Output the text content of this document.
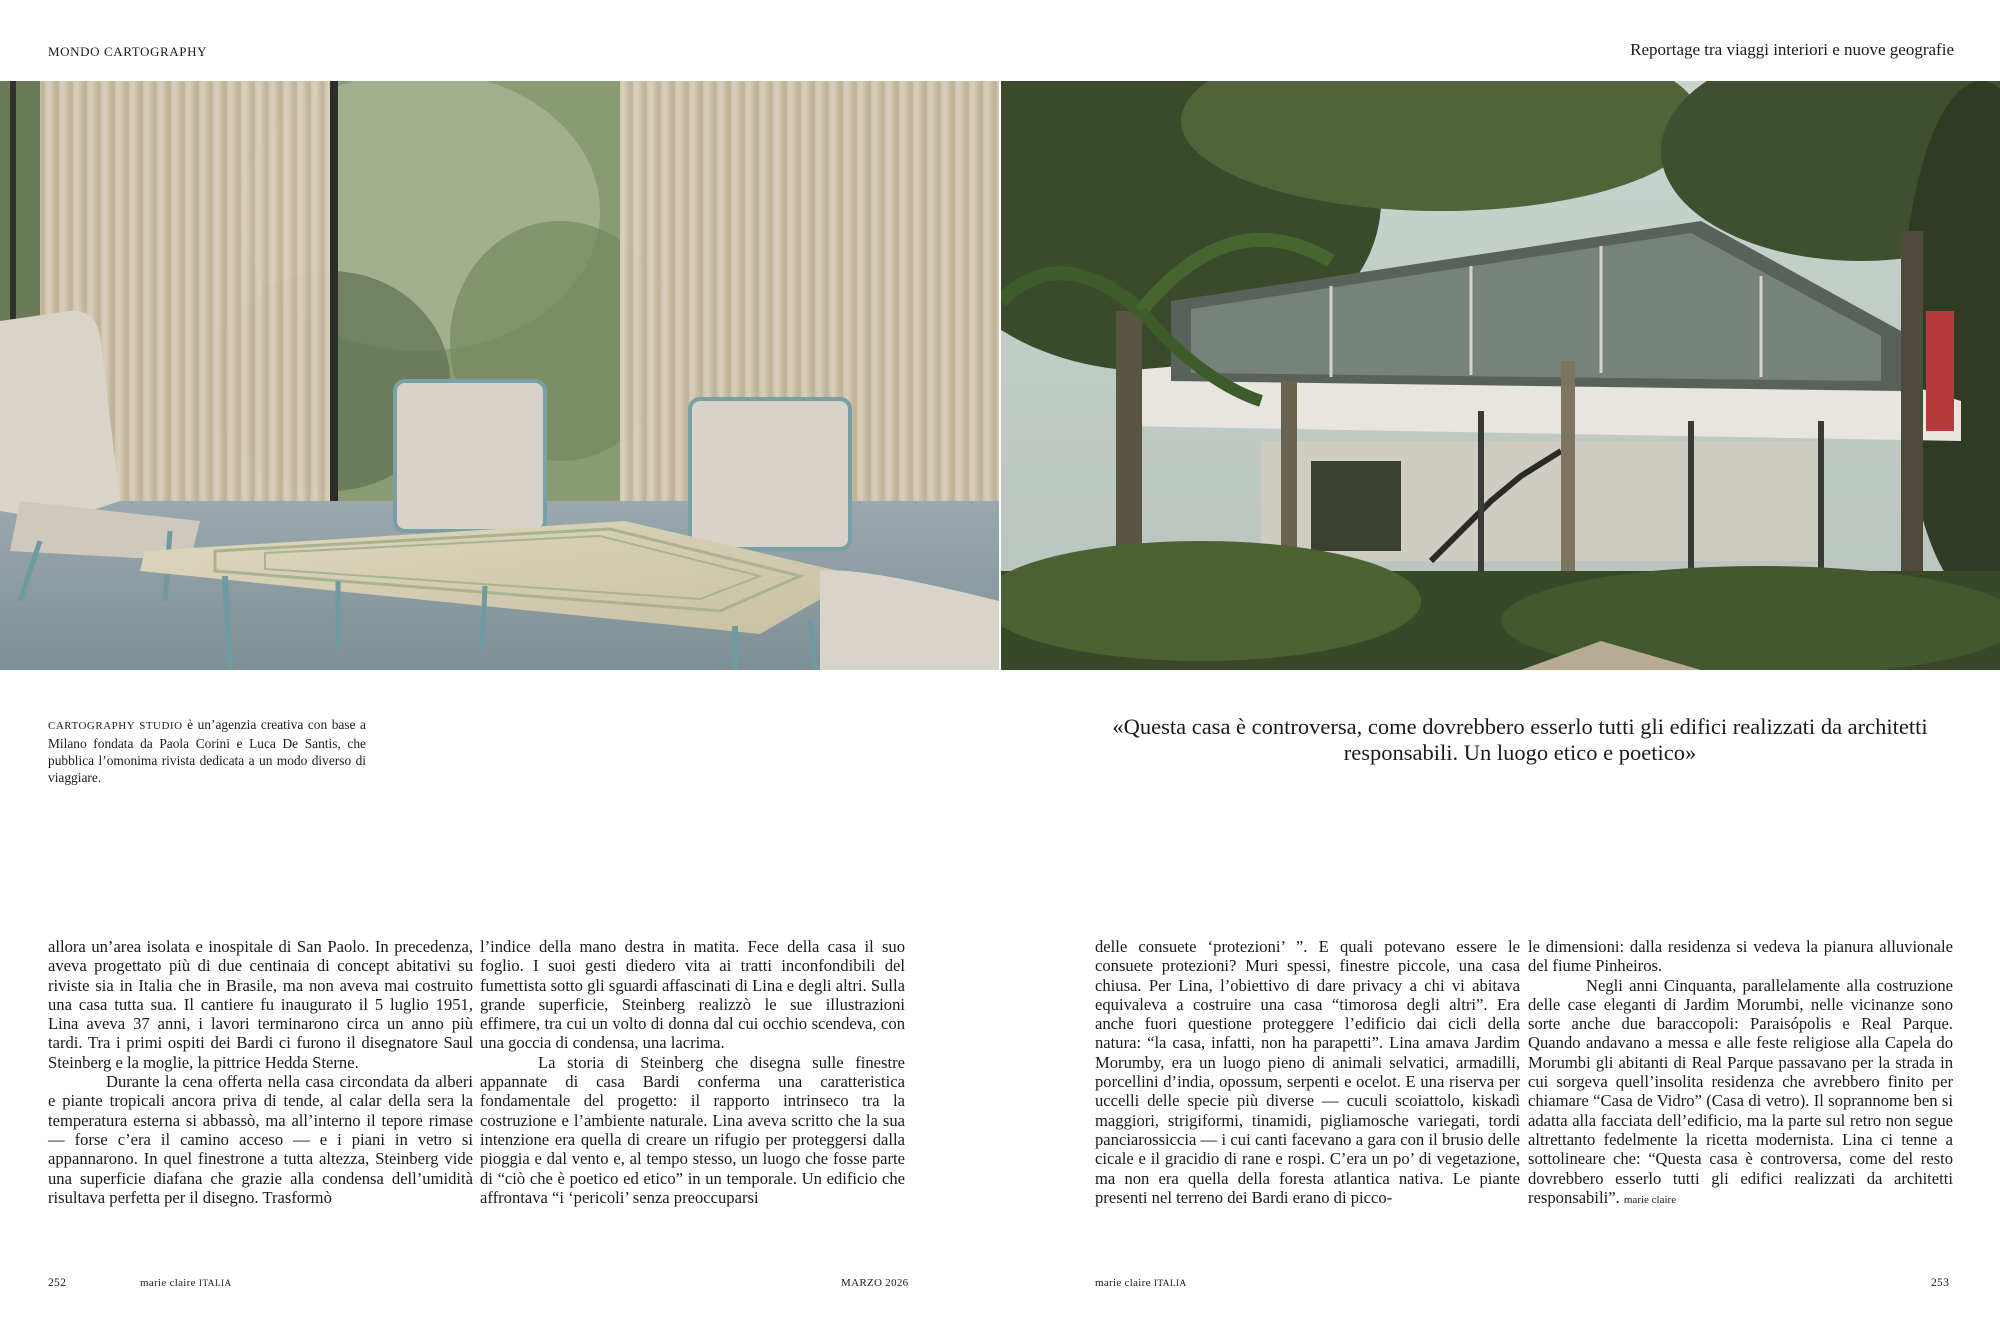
MONDO CARTOGRAPHY	Reportage tra viaggi interiori e nuove geografie
CARTOGRAPHY STUDIO è un’agenzia creativa con base a Milano fondata da Paola Corini e Luca De Santis, che pubblica l’omonima rivista dedicata a un modo diverso di viaggiare.
«Questa casa è controversa, come dovrebbero esserlo tutti gli edifici realizzati da architetti responsabili. Un luogo etico e poetico»

allora un’area isolata e inospitale di San Paolo. In precedenza, aveva progettato più di due centinaia di concept abitativi su riviste sia in Italia che in Brasile, ma non aveva mai costruito una casa tutta sua. Il cantiere fu inaugurato il 5 luglio 1951, Lina aveva 37 anni, i lavori terminarono circa un anno più tardi. Tra i primi ospiti dei Bardi ci furono il disegnatore Saul Steinberg e la moglie, la pittrice Hedda Sterne.

Durante la cena offerta nella casa circondata da alberi e piante tropicali ancora priva di tende, al calar della sera la temperatura esterna si abbassò, ma all’interno il tepore rimase — forse c’era il camino acceso — e i piani in vetro si appannarono. In quel finestrone a tutta altezza, Steinberg vide una superficie diafana che grazie alla condensa dell’umidità risultava perfetta per il disegno. Trasformò

l’indice della mano destra in matita. Fece della casa il suo foglio. I suoi gesti diedero vita ai tratti inconfondibili del fumettista sotto gli sguardi affascinati di Lina e degli altri. Sulla grande superficie, Steinberg realizzò le sue illustrazioni effimere, tra cui un volto di donna dal cui occhio scendeva, con una goccia di condensa, una lacrima.

La storia di Steinberg che disegna sulle finestre appannate di casa Bardi conferma una caratteristica fondamentale del progetto: il rapporto intrinseco tra la costruzione e l’ambiente naturale. Lina aveva scritto che la sua intenzione era quella di creare un rifugio per proteggersi dalla pioggia e dal vento e, al tempo stesso, un luogo che fosse parte di “ciò che è poetico ed etico” in un temporale. Un edificio che affrontava “i ‘pericoli’ senza preoccuparsi

delle consuete ‘protezioni’ ”. E quali potevano essere le consuete protezioni? Muri spessi, finestre piccole, una casa chiusa. Per Lina, l’obiettivo di dare privacy a chi vi abitava equivaleva a costruire una casa “timorosa degli altri”. Era anche fuori questione proteggere l’edificio dai cicli della natura: “la casa, infatti, non ha parapetti”. Lina amava Jardim Morumby, era un luogo pieno di animali selvatici, armadilli, porcellini d’india, opossum, serpenti e ocelot. E una riserva per uccelli delle specie più diverse — cuculi scoiattolo, kiskadì maggiori, strigiformi, tinamidi, pigliamosche variegati, tordi panciarossiccia — i cui canti facevano a gara con il brusio delle cicale e il gracidio di rane e rospi. C’era un po’ di vegetazione, ma non era quella della foresta atlantica nativa. Le piante presenti nel terreno dei Bardi erano di picco-

le dimensioni: dalla residenza si vedeva la pianura alluvionale del fiume Pinheiros.

Negli anni Cinquanta, parallelamente alla costruzione delle case eleganti di Jardim Morumbi, nelle vicinanze sono sorte anche due baraccopoli: Paraisópolis e Real Parque. Quando andavano a messa e alle feste religiose alla Capela do Morumbi gli abitanti di Real Parque passavano per la strada in cui sorgeva quell’insolita residenza che avrebbero finito per chiamare “Casa de Vidro” (Casa di vetro). Il soprannome ben si adatta alla facciata dell’edificio, ma la parte sul retro non segue altrettanto fedelmente la ricetta modernista. Lina ci tenne a sottolineare che: “Questa casa è controversa, come del resto dovrebbero esserlo tutti gli edifici realizzati da architetti responsabili”. marie claire

252	marie claire ITALIA	MARZO 2026	marie claire ITALIA	253
